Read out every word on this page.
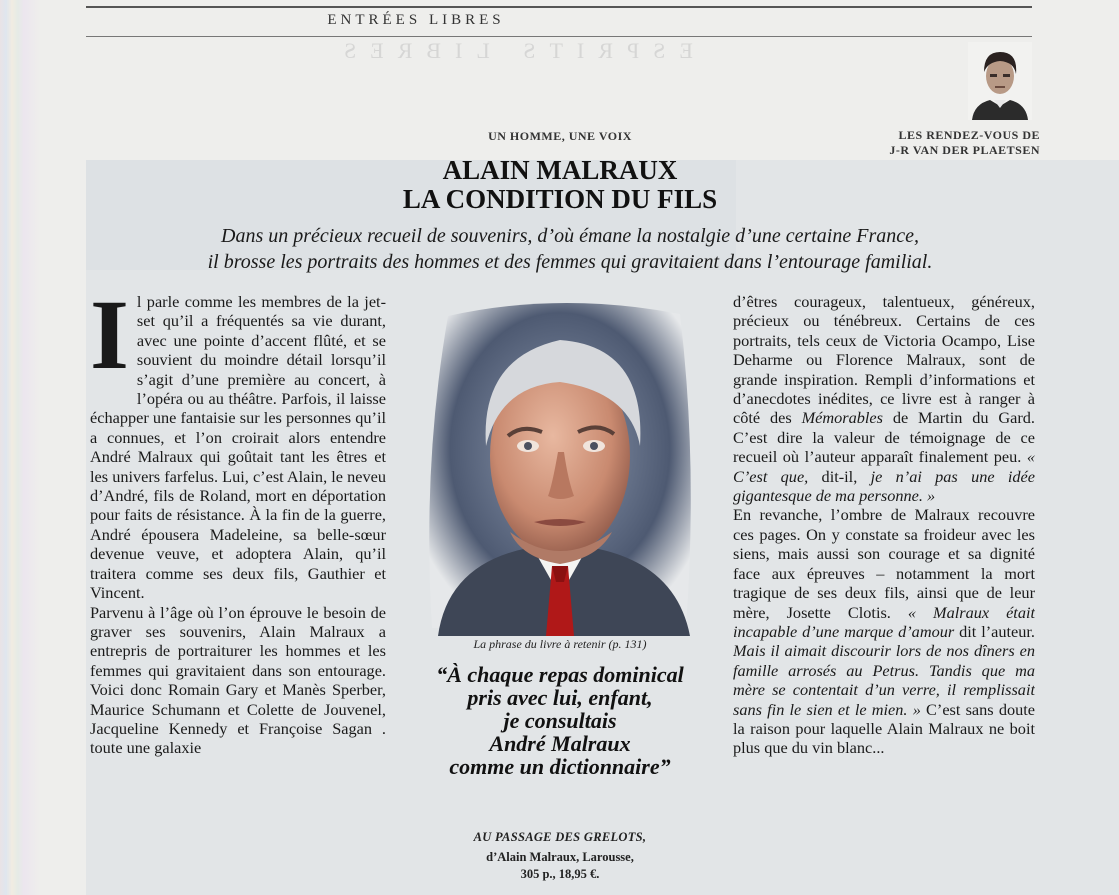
ENTRÉES LIBRES
ESPRITS LIBRES
UN HOMME, UNE VOIX	LES RENDEZ-VOUS DE
J-R VAN DER PLAETSEN
ALAIN MALRAUX
LA CONDITION DU FILS
Dans un précieux recueil de souvenirs, d’où émane la nostalgie d’une certaine France,
il brosse les portraits des hommes et des femmes qui gravitaient dans l’entourage familial.

Il parle comme les membres de la jet-set qu’il a fréquentés sa vie durant, avec une pointe d’accent flûté, et se souvient du moindre détail lorsqu’il s’agit d’une première au concert, à l’opéra ou au théâtre. Parfois, il laisse échapper une fantaisie sur les personnes qu’il a connues, et l’on croirait alors entendre André Malraux qui goûtait tant les êtres et les univers farfelus. Lui, c’est Alain, le neveu d’André, fils de Roland, mort en déportation pour faits de résistance. À la fin de la guerre, André épousera Madeleine, sa belle-sœur devenue veuve, et adoptera Alain, qu’il traitera comme ses deux fils, Gauthier et Vincent.

Parvenu à l’âge où l’on éprouve le besoin de graver ses souvenirs, Alain Malraux a entrepris de portraiturer les hommes et les femmes qui gravitaient dans son entourage. Voici donc Romain Gary et Manès Sperber, Maurice Schumann et Colette de Jouvenel, Jacqueline Kennedy et Françoise Sagan . toute une galaxie

La phrase du livre à retenir (p. 131)
“À chaque repas dominical
pris avec lui, enfant,
je consultais
André Malraux
comme un dictionnaire”
AU PASSAGE DES GRELOTS,
d’Alain Malraux, Larousse,
305 p., 18,95 €.

d’êtres courageux, talentueux, généreux, précieux ou ténébreux. Certains de ces portraits, tels ceux de Victoria Ocampo, Lise Deharme ou Florence Malraux, sont de grande inspiration. Rempli d’informations et d’anecdotes inédites, ce livre est à ranger à côté des Mémorables de Martin du Gard. C’est dire la valeur de témoignage de ce recueil où l’auteur apparaît finalement peu. « C’est que, dit-il, je n’ai pas une idée gigantesque de ma personne. »

En revanche, l’ombre de Malraux recouvre ces pages. On y constate sa froideur avec les siens, mais aussi son courage et sa dignité face aux épreuves – notamment la mort tragique de ses deux fils, ainsi que de leur mère, Josette Clotis. « Malraux était incapable d’une marque d’amour dit l’auteur. Mais il aimait discourir lors de nos dîners en famille arrosés au Petrus. Tandis que ma mère se contentait d’un verre, il remplissait sans fin le sien et le mien. » C’est sans doute la raison pour laquelle Alain Malraux ne boit plus que du vin blanc...
